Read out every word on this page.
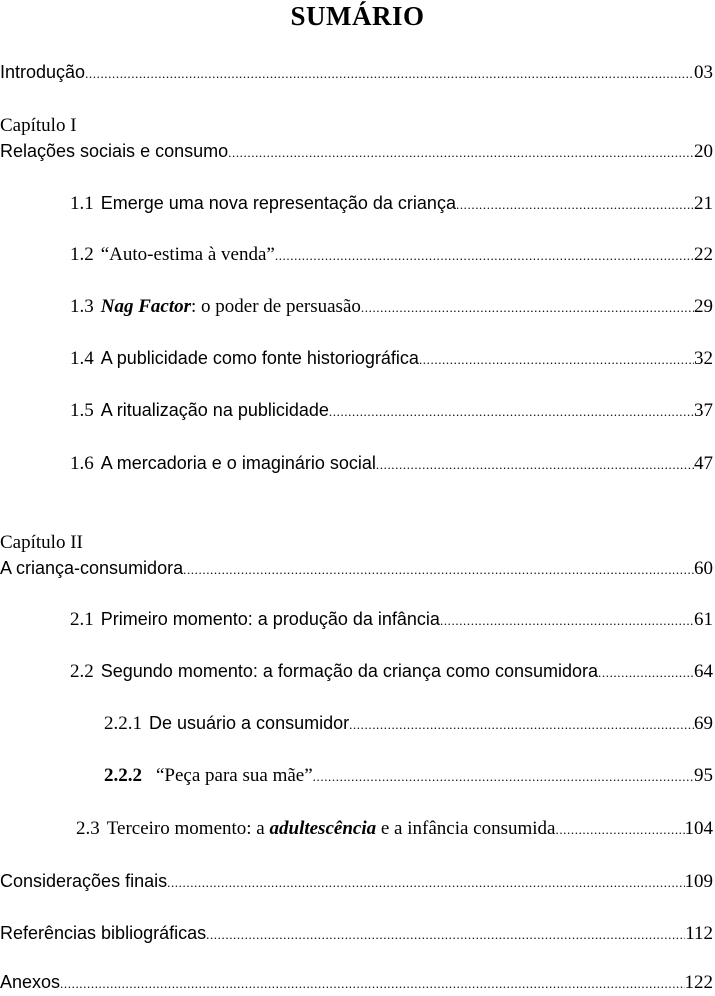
SUMÁRIO
Introdução .....	03
Capítulo I
Relações sociais e consumo .....	20
1.1 Emerge uma nova representação da criança .....	21
1.2 “Auto-estima à venda” .....	22
1.3 Nag Factor: o poder de persuasão .....	29
1.4 A publicidade como fonte historiográfica .....	32
1.5 A ritualização na publicidade .....	37
1.6 A mercadoria e o imaginário social .....	47
Capítulo II
A criança-consumidora .....	60
2.1 Primeiro momento: a produção da infância .....	61
2.2 Segundo momento: a formação da criança como consumidora .....	64
2.2.1 De usuário a consumidor .....	69
2.2.2 “Peça para sua mãe” .....	95
2.3 Terceiro momento: a adultescência e a infância consumida .....	104
Considerações finais .....	109
Referências bibliográficas .....	112
Anexos .....	122
